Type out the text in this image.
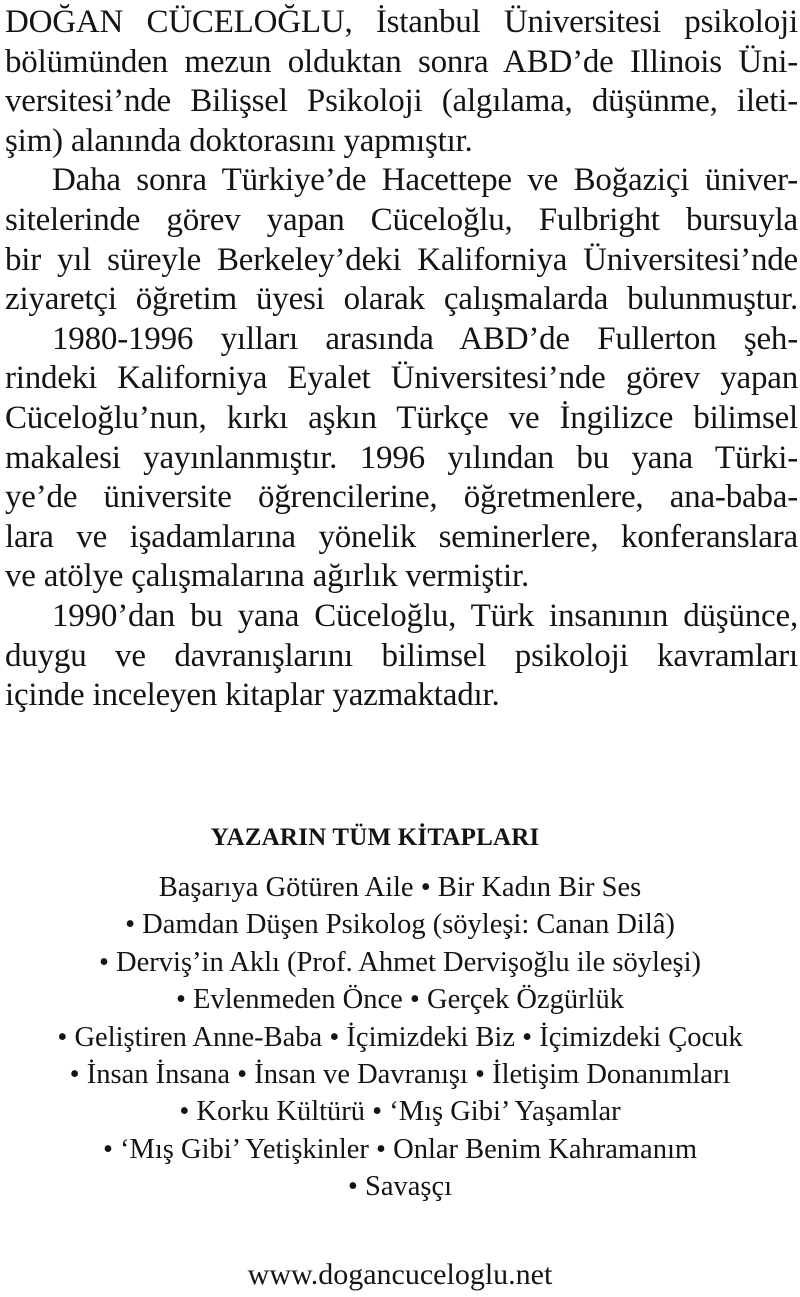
DOĞAN CÜCELOĞLU, İstanbul Üniversitesi psikoloji
bölümünden mezun olduktan sonra ABD’de Illinois Üni-
versitesi’nde Bilişsel Psikoloji (algılama, düşünme, ileti-
şim) alanında doktorasını yapmıştır.
Daha sonra Türkiye’de Hacettepe ve Boğaziçi üniver-
sitelerinde görev yapan Cüceloğlu, Fulbright bursuyla
bir yıl süreyle Berkeley’deki Kaliforniya Üniversitesi’nde
ziyaretçi öğretim üyesi olarak çalışmalarda bulunmuştur.
1980-1996 yılları arasında ABD’de Fullerton şeh-
rindeki Kaliforniya Eyalet Üniversitesi’nde görev yapan
Cüceloğlu’nun, kırkı aşkın Türkçe ve İngilizce bilimsel
makalesi yayınlanmıştır. 1996 yılından bu yana Türki-
ye’de üniversite öğrencilerine, öğretmenlere, ana-baba-
lara ve işadamlarına yönelik seminerlere, konferanslara
ve atölye çalışmalarına ağırlık vermiştir.
1990’dan bu yana Cüceloğlu, Türk insanının düşünce,
duygu ve davranışlarını bilimsel psikoloji kavramları
içinde inceleyen kitaplar yazmaktadır.
YAZARIN TÜM KİTAPLARI
Başarıya Götüren Aile • Bir Kadın Bir Ses
• Damdan Düşen Psikolog (söyleşi: Canan Dilâ)
• Derviş’in Aklı (Prof. Ahmet Dervişoğlu ile söyleşi)
• Evlenmeden Önce • Gerçek Özgürlük
• Geliştiren Anne-Baba • İçimizdeki Biz • İçimizdeki Çocuk
• İnsan İnsana • İnsan ve Davranışı • İletişim Donanımları
• Korku Kültürü • ‘Mış Gibi’ Yaşamlar
• ‘Mış Gibi’ Yetişkinler • Onlar Benim Kahramanım
• Savaşçı
www.dogancuceloglu.net
